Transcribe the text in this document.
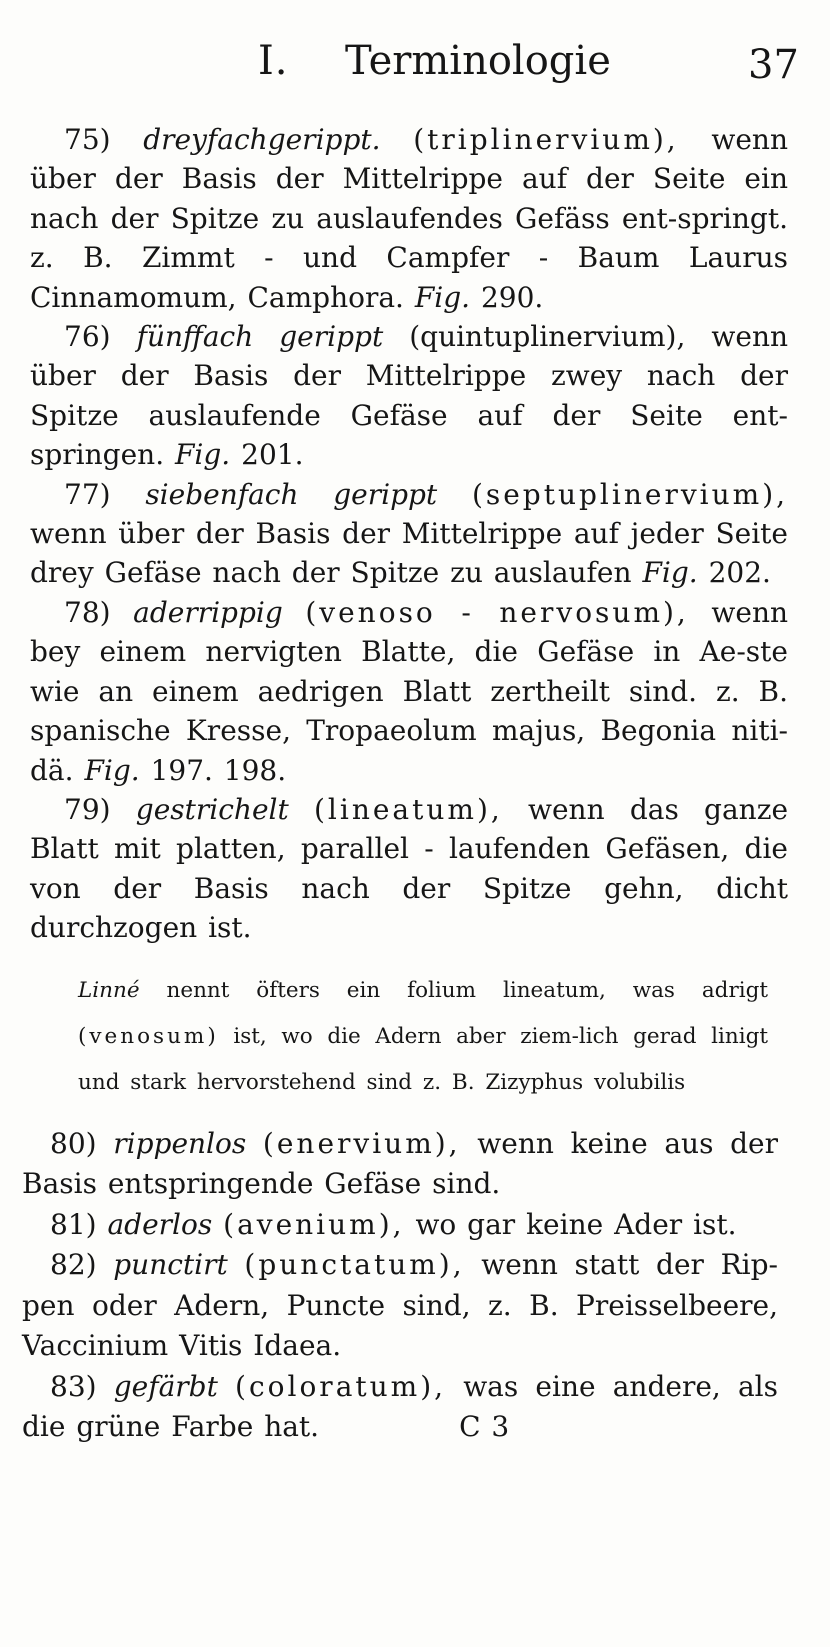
I. Terminologie	37

75) dreyfachgerippt. (triplinervium), wenn über der Basis der Mittelrippe auf der Seite ein nach der Spitze zu auslaufendes Gefäss ent-springt. z. B. Zimmt - und Campfer - Baum Laurus Cinnamomum, Camphora. Fig. 290.

76) fünffach gerippt (quintuplinervium), wenn über der Basis der Mittelrippe zwey nach der Spitze auslaufende Gefäse auf der Seite ent-springen. Fig. 201.

77) siebenfach gerippt (septuplinervium), wenn über der Basis der Mittelrippe auf jeder Seite drey Gefäse nach der Spitze zu auslaufen Fig. 202.

78) aderrippig (venoso - nervosum), wenn bey einem nervigten Blatte, die Gefäse in Ae-ste wie an einem aedrigen Blatt zertheilt sind. z. B. spanische Kresse, Tropaeolum majus, Begonia niti-dä. Fig. 197. 198.

79) gestrichelt (lineatum), wenn das ganze Blatt mit platten, parallel - laufenden Gefäsen, die von der Basis nach der Spitze gehn, dicht durchzogen ist.

Linné nennt öfters ein folium lineatum, was adrigt (venosum) ist, wo die Adern aber ziem-lich gerad linigt und stark hervorstehend sind z. B. Zizyphus volubilis

80) rippenlos (enervium), wenn keine aus der Basis entspringende Gefäse sind.

81) aderlos (avenium), wo gar keine Ader ist.

82) punctirt (punctatum), wenn statt der Rip-pen oder Adern, Puncte sind, z. B. Preisselbeere, Vaccinium Vitis Idaea.

83) gefärbt (coloratum), was eine andere, als die grüne Farbe hat.	C 3
